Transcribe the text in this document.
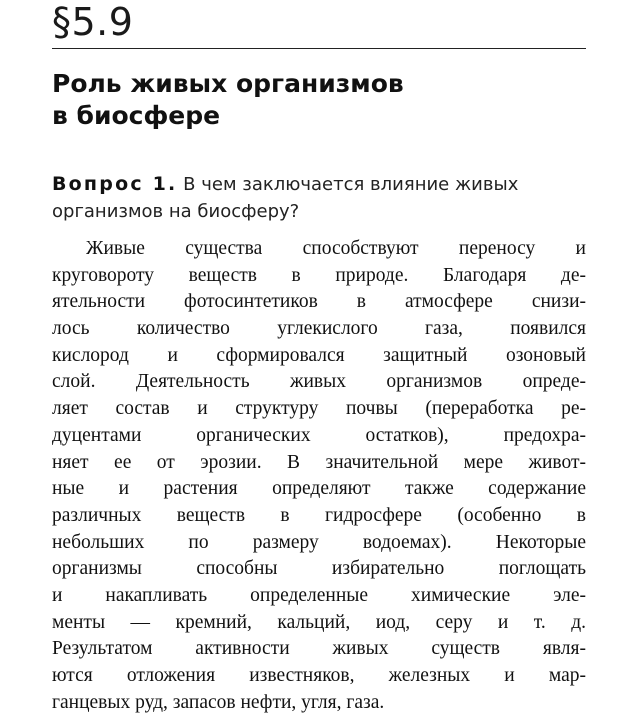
§5.9
Роль живых организмов
в биосфере
Вопрос 1. В чем заключается влияние живых организмов на биосферу?
Живые существа способствуют переносу и
круговороту веществ в природе. Благодаря де-
ятельности фотосинтетиков в атмосфере снизи-
лось количество углекислого газа, появился
кислород и сформировался защитный озоновый
слой. Деятельность живых организмов опреде-
ляет состав и структуру почвы (переработка ре-
дуцентами органических остатков), предохра-
няет ее от эрозии. В значительной мере живот-
ные и растения определяют также содержание
различных веществ в гидросфере (особенно в
небольших по размеру водоемах). Некоторые
организмы способны избирательно поглощать
и накапливать определенные химические эле-
менты — кремний, кальций, иод, серу и т. д.
Результатом активности живых существ явля-
ются отложения известняков, железных и мар-
ганцевых руд, запасов нефти, угля, газа.
